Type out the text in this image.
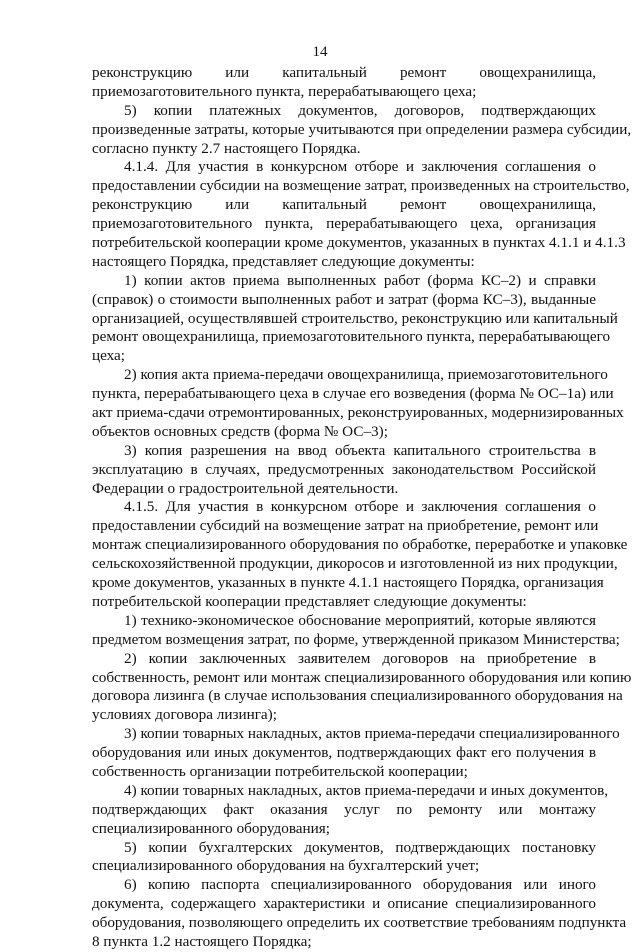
14
реконструкцию или капитальный ремонт овощехранилища,
приемозаготовительного пункта, перерабатывающего цеха;
5) копии платежных документов, договоров, подтверждающих
произведенные затраты, которые учитываются при определении размера субсидии,
согласно пункту 2.7 настоящего Порядка.
4.1.4. Для участия в конкурсном отборе и заключения соглашения о
предоставлении субсидии на возмещение затрат, произведенных на строительство,
реконструкцию или капитальный ремонт овощехранилища,
приемозаготовительного пункта, перерабатывающего цеха, организация
потребительской кооперации кроме документов, указанных в пунктах 4.1.1 и 4.1.3
настоящего Порядка, представляет следующие документы:
1) копии актов приема выполненных работ (форма КС–2) и справки
(справок) о стоимости выполненных работ и затрат (форма КС–3), выданные
организацией, осуществлявшей строительство, реконструкцию или капитальный
ремонт овощехранилища, приемозаготовительного пункта, перерабатывающего
цеха;
2) копия акта приема-передачи овощехранилища, приемозаготовительного
пункта, перерабатывающего цеха в случае его возведения (форма № ОС–1а) или
акт приема-сдачи отремонтированных, реконструированных, модернизированных
объектов основных средств (форма № ОС–3);
3) копия разрешения на ввод объекта капитального строительства в
эксплуатацию в случаях, предусмотренных законодательством Российской
Федерации о градостроительной деятельности.
4.1.5. Для участия в конкурсном отборе и заключения соглашения о
предоставлении субсидий на возмещение затрат на приобретение, ремонт или
монтаж специализированного оборудования по обработке, переработке и упаковке
сельскохозяйственной продукции, дикоросов и изготовленной из них продукции,
кроме документов, указанных в пункте 4.1.1 настоящего Порядка, организация
потребительской кооперации представляет следующие документы:
1) технико-экономическое обоснование мероприятий, которые являются
предметом возмещения затрат, по форме, утвержденной приказом Министерства;
2) копии заключенных заявителем договоров на приобретение в
собственность, ремонт или монтаж специализированного оборудования или копию
договора лизинга (в случае использования специализированного оборудования на
условиях договора лизинга);
3) копии товарных накладных, актов приема-передачи специализированного
оборудования или иных документов, подтверждающих факт его получения в
собственность организации потребительской кооперации;
4) копии товарных накладных, актов приема-передачи и иных документов,
подтверждающих факт оказания услуг по ремонту или монтажу
специализированного оборудования;
5) копии бухгалтерских документов, подтверждающих постановку
специализированного оборудования на бухгалтерский учет;
6) копию паспорта специализированного оборудования или иного
документа, содержащего характеристики и описание специализированного
оборудования, позволяющего определить их соответствие требованиям подпункта
8 пункта 1.2 настоящего Порядка;
